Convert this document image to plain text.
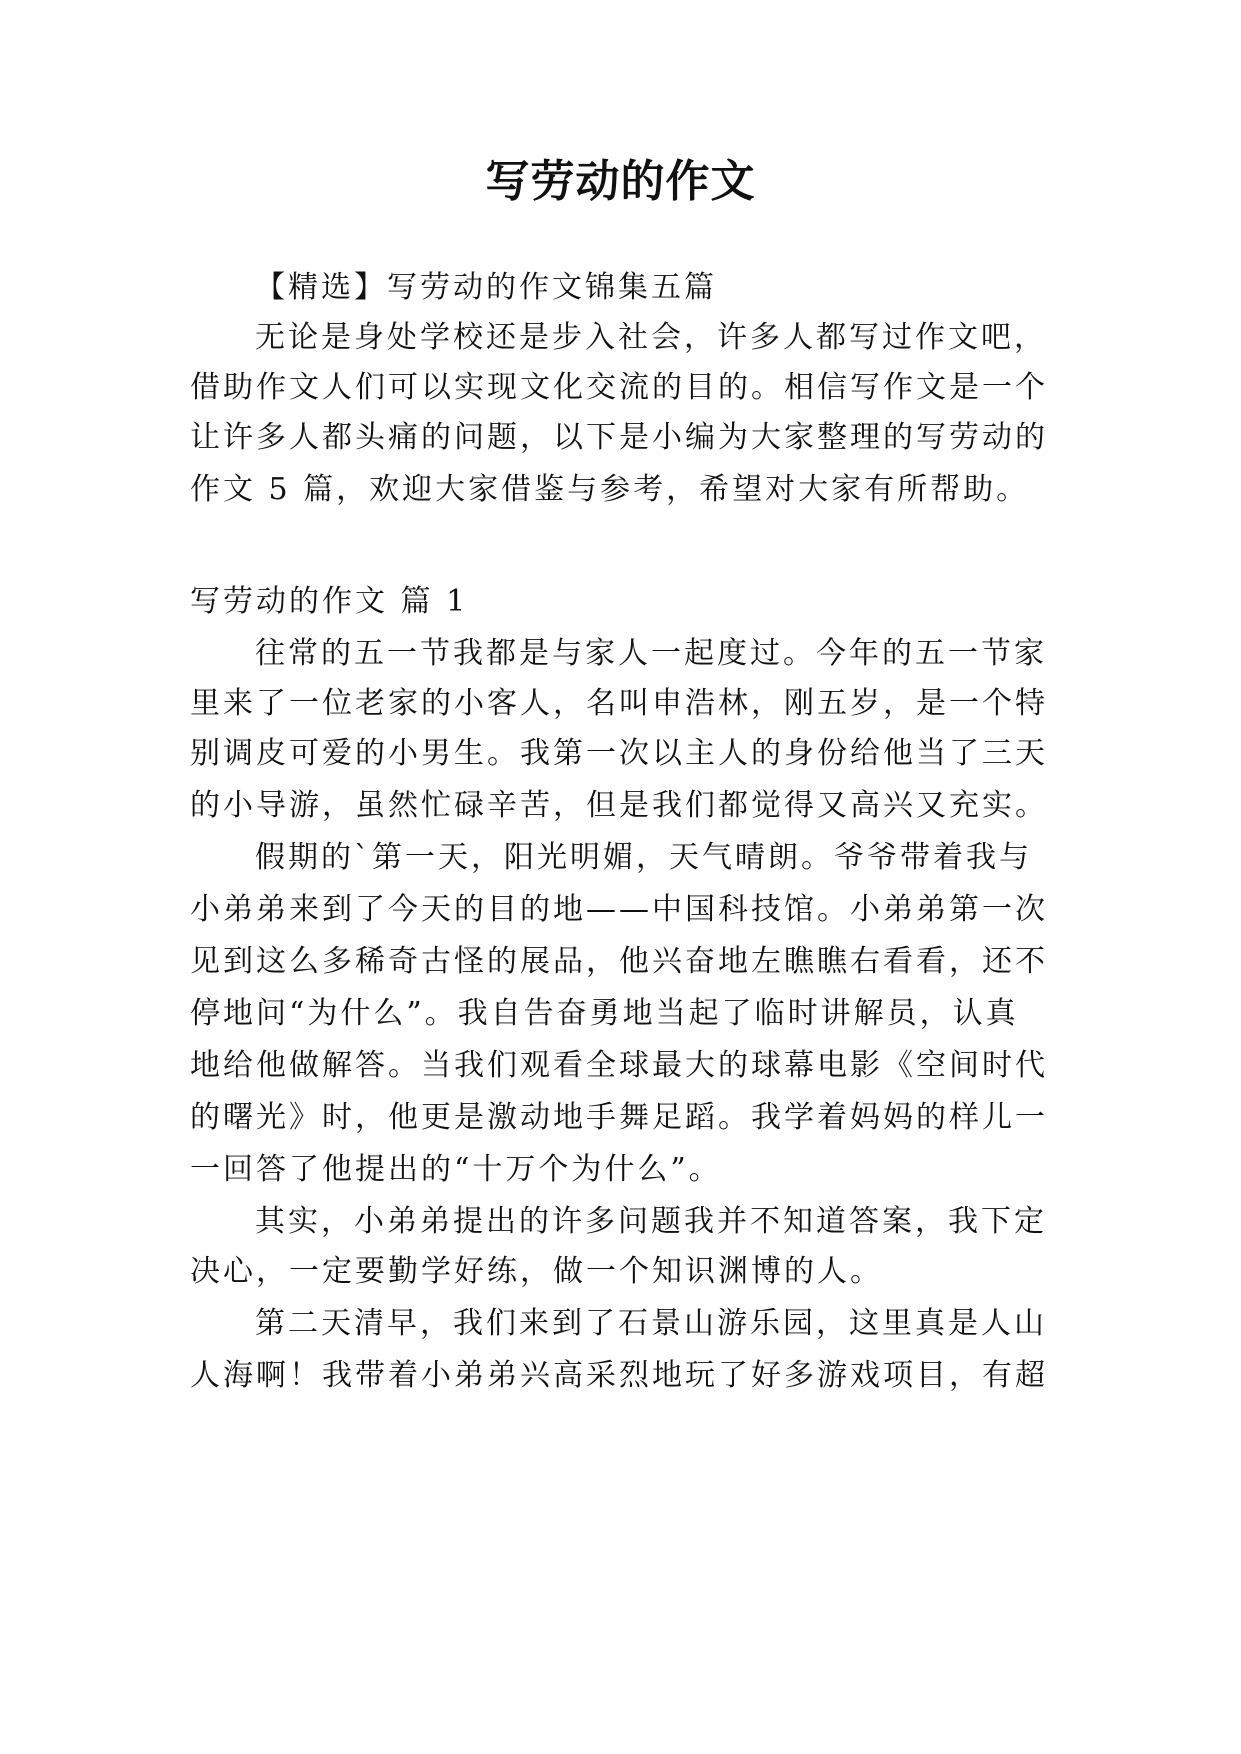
写劳动的作文
【精选】写劳动的作文锦集五篇
无论是身处学校还是步入社会，许多人都写过作文吧，
借助作文人们可以实现文化交流的目的。相信写作文是一个
让许多人都头痛的问题，以下是小编为大家整理的写劳动的
作文 5 篇，欢迎大家借鉴与参考，希望对大家有所帮助。
写劳动的作文 篇 1
往常的五一节我都是与家人一起度过。今年的五一节家
里来了一位老家的小客人，名叫申浩林，刚五岁，是一个特
别调皮可爱的小男生。我第一次以主人的身份给他当了三天
的小导游，虽然忙碌辛苦，但是我们都觉得又高兴又充实。
假期的`第一天，阳光明媚，天气晴朗。爷爷带着我与
小弟弟来到了今天的目的地——中国科技馆。小弟弟第一次
见到这么多稀奇古怪的展品，他兴奋地左瞧瞧右看看，还不
停地问“为什么”。我自告奋勇地当起了临时讲解员，认真
地给他做解答。当我们观看全球最大的球幕电影《空间时代
的曙光》时，他更是激动地手舞足蹈。我学着妈妈的样儿一
一回答了他提出的“十万个为什么”。
其实，小弟弟提出的许多问题我并不知道答案，我下定
决心，一定要勤学好练，做一个知识渊博的人。
第二天清早，我们来到了石景山游乐园，这里真是人山
人海啊！我带着小弟弟兴高采烈地玩了好多游戏项目，有超
